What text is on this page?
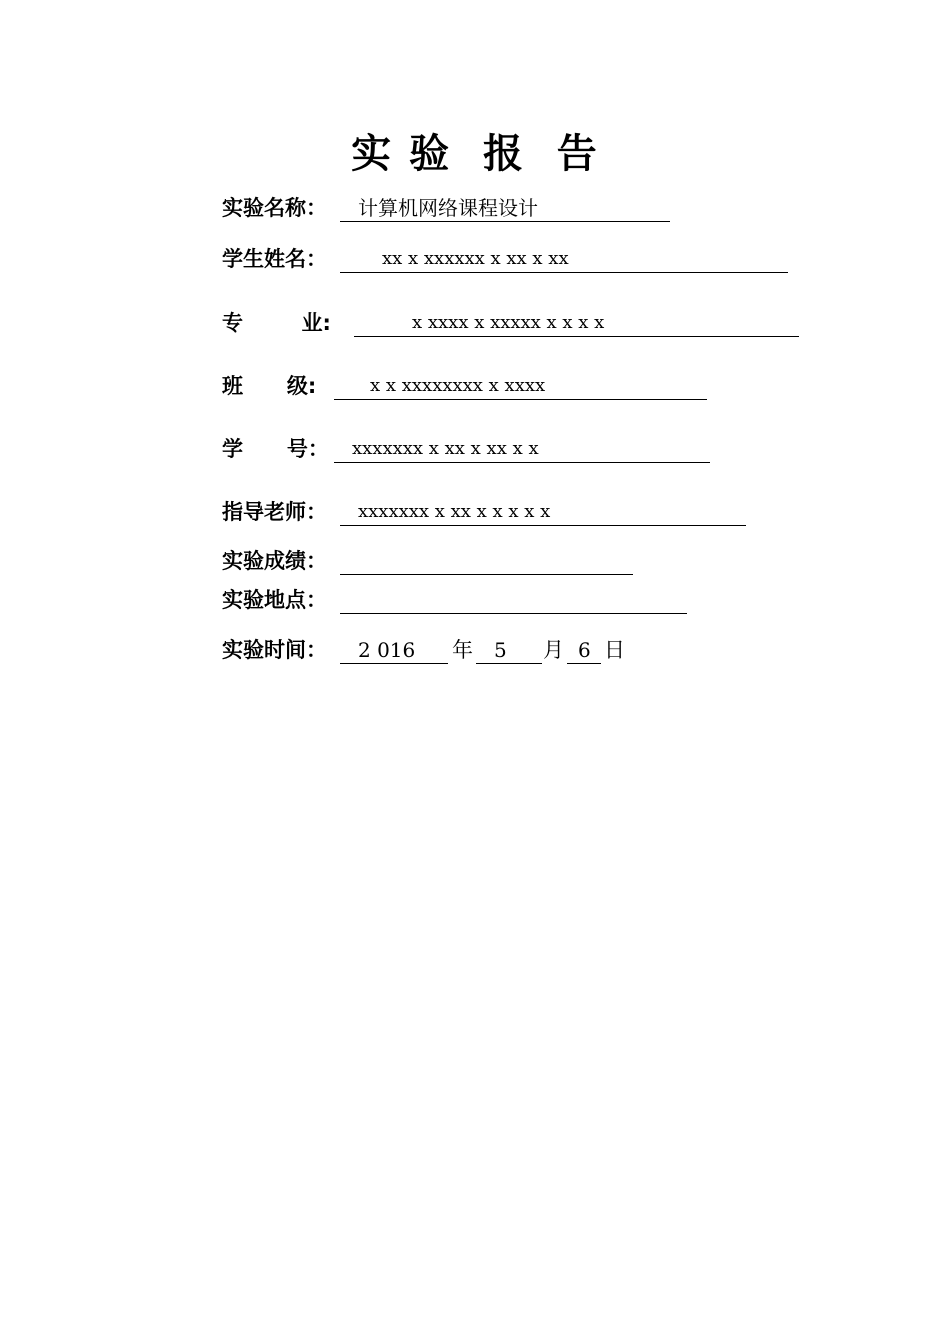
实 验  报  告
实验名称： 计算机网络课程设计
学生姓名：	xx x xxxxxx x xx x xx
专        业:	x xxxx x xxxxx x x x x
班      级:	x x xxxxxxxx x xxxx
学      号： xxxxxxx x xx x xx x x
指导老师： xxxxxxx x xx x x x x x
实验成绩：
实验地点：
实验时间： 2 016 年 5 月 6 日
